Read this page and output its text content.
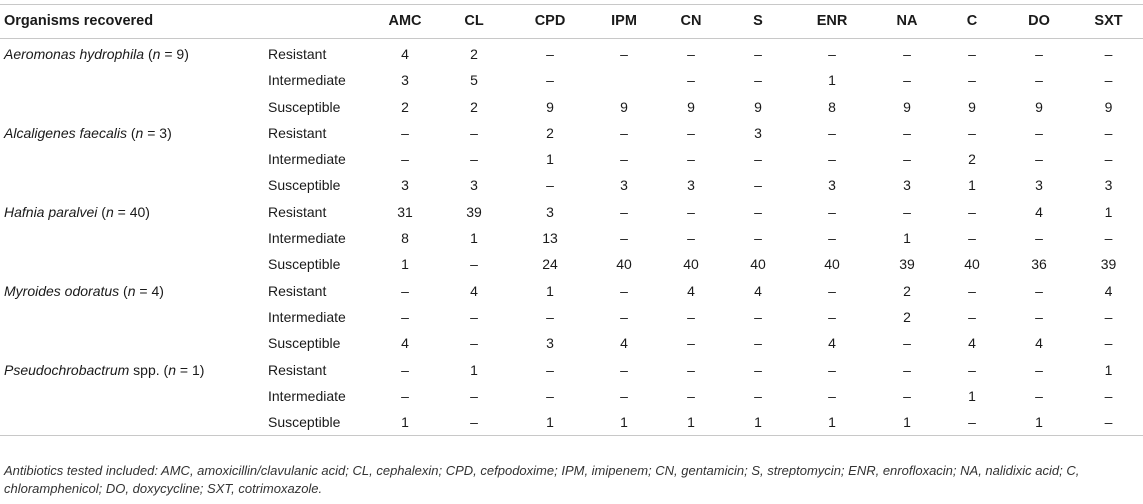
Organisms recovered		AMC	CL	CPD	IPM	CN	S	ENR	NA	C	DO	SXT
Aeromonas hydrophila (n = 9)	Resistant	4	2	–	–	–	–	–	–	–	–	–
	Intermediate	3	5	–		–	–	1	–	–	–	–
	Susceptible	2	2	9	9	9	9	8	9	9	9	9
Alcaligenes faecalis (n = 3)	Resistant	–	–	2	–	–	3	–	–	–	–	–
	Intermediate	–	–	1	–	–	–	–	–	2	–	–
	Susceptible	3	3	–	3	3	–	3	3	1	3	3
Hafnia paralvei (n = 40)	Resistant	31	39	3	–	–	–	–	–	–	4	1
	Intermediate	8	1	13	–	–	–	–	1	–	–	–
	Susceptible	1	–	24	40	40	40	40	39	40	36	39
Myroides odoratus (n = 4)	Resistant	–	4	1	–	4	4	–	2	–	–	4
	Intermediate	–	–	–	–	–	–	–	2	–	–	–
	Susceptible	4	–	3	4	–	–	4	–	4	4	–
Pseudochrobactrum spp. (n = 1)	Resistant	–	1	–	–	–	–	–	–	–	–	1
	Intermediate	–	–	–	–	–	–	–	–	1	–	–
	Susceptible	1	–	1	1	1	1	1	1	–	1	–
Antibiotics tested included: AMC, amoxicillin/clavulanic acid; CL, cephalexin; CPD, cefpodoxime; IPM, imipenem; CN, gentamicin; S, streptomycin; ENR, enrofloxacin; NA, nalidixic acid; C, chloramphenicol; DO, doxycycline; SXT, cotrimoxazole.
